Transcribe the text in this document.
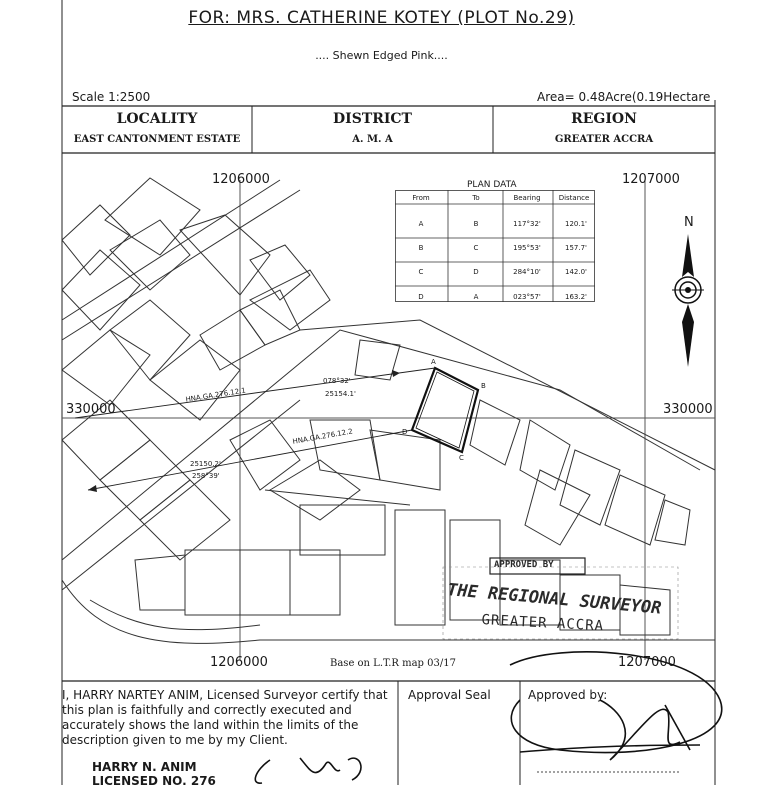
FOR: MRS. CATHERINE KOTEY (PLOT No.29)
.... Shewn Edged Pink....
Scale 1:2500	Area= 0.48Acre(0.19Hectare
LOCALITY
EAST CANTONMENT ESTATE
DISTRICT
A. M. A
REGION
GREATER ACCRA
1206000	1207000
330000	330000
1206000	1207000
Base on L.T.R map 03/17
HNA.GA.276.12.1
078°32'
25154.1'
HNA.GA.276.12.2
25150.2'
258°39'
A
B
C
D
PLAN DATA
From	To	Bearing	Distance
A	B	117°32'	120.1'
B	C	195°53'	157.7'
C	D	284°10'	142.0'
D	A	023°57'	163.2'
N
APPROVED BY
THE REGIONAL SURVEYOR
GREATER ACCRA
I, HARRY NARTEY ANIM, Licensed Surveyor certify that this plan is faithfully and correctly executed and accurately shows the land within the limits of the description given to me by my Client.
Approval Seal	Approved by:
HARRY N. ANIM
LICENSED NO. 276
